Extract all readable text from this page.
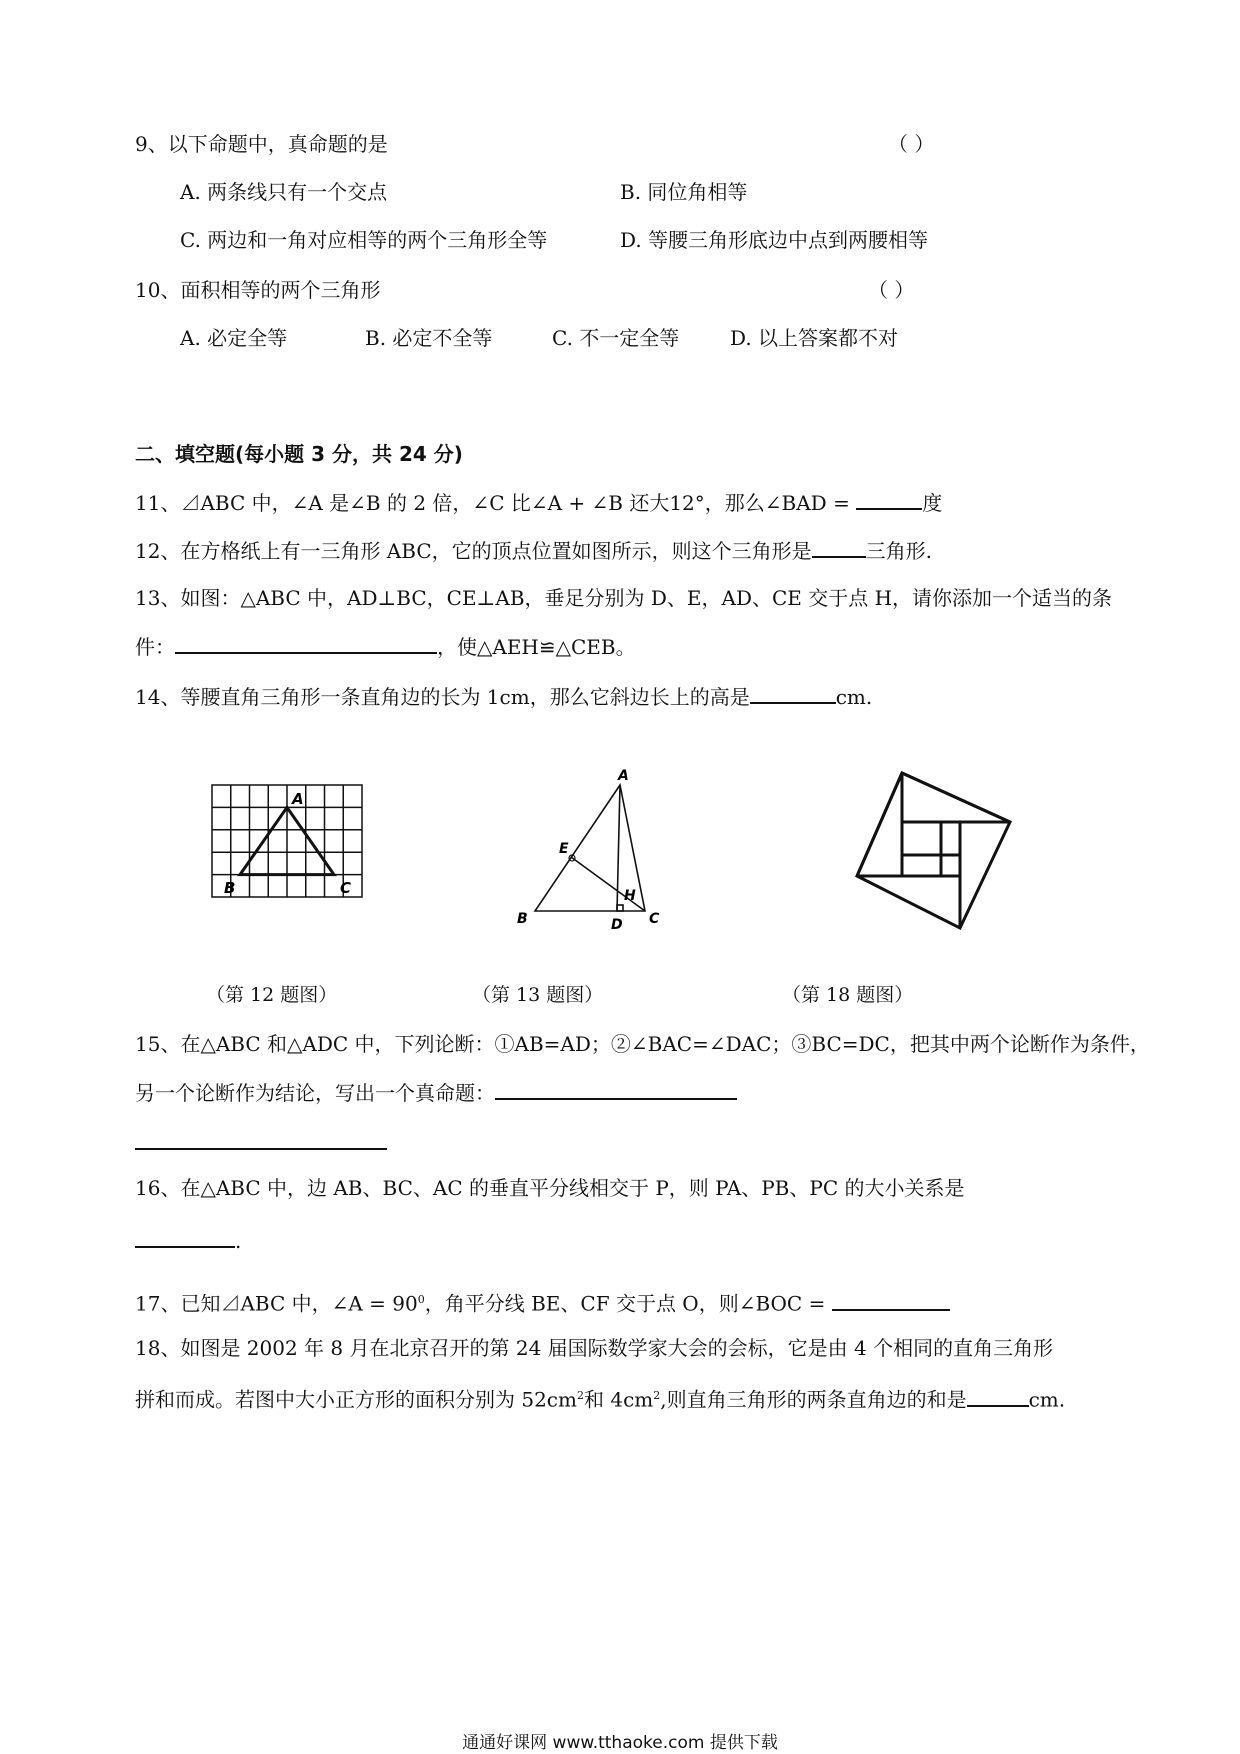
9、以下命题中，真命题的是	（ ）
A. 两条线只有一个交点	B. 同位角相等
C. 两边和一角对应相等的两个三角形全等	D. 等腰三角形底边中点到两腰相等
10、面积相等的两个三角形	（ ）
A. 必定全等	B. 必定不全等	C. 不一定全等	D. 以上答案都不对
二、填空题(每小题 3 分，共 24 分)
11、⊿ABC 中，∠A 是∠B 的 2 倍，∠C 比∠A + ∠B 还大12°，那么∠BAD =	度
12、在方格纸上有一三角形 ABC，它的顶点位置如图所示，则这个三角形是	三角形.
13、如图：△ABC 中，AD⊥BC，CE⊥AB，垂足分别为 D、E，AD、CE 交于点 H，请你添加一个适当的条
件：	，使△AEH≌△CEB。
14、等腰直角三角形一条直角边的长为 1cm，那么它斜边长上的高是	cm.
A
B	C
A
E
H
B	D C
（第 12 题图）	（第 13 题图）	（第 18 题图）
15、在△ABC 和△ADC 中，下列论断：①AB=AD；②∠BAC=∠DAC；③BC=DC，把其中两个论断作为条件，
另一个论断作为结论，写出一个真命题：
16、在△ABC 中，边 AB、BC、AC 的垂直平分线相交于 P，则 PA、PB、PC 的大小关系是
.
17、已知⊿ABC 中，∠A = $90^0$，角平分线 BE、CF 交于点 O，则∠BOC =
18、如图是 2002 年 8 月在北京召开的第 24 届国际数学家大会的会标，它是由 4 个相同的直角三角形
拼和而成。若图中大小正方形的面积分别为 $52cm^2$和 $4cm^2$,则直角三角形的两条直角边的和是	cm.
通通好课网 www.tthaoke.com 提供下载
